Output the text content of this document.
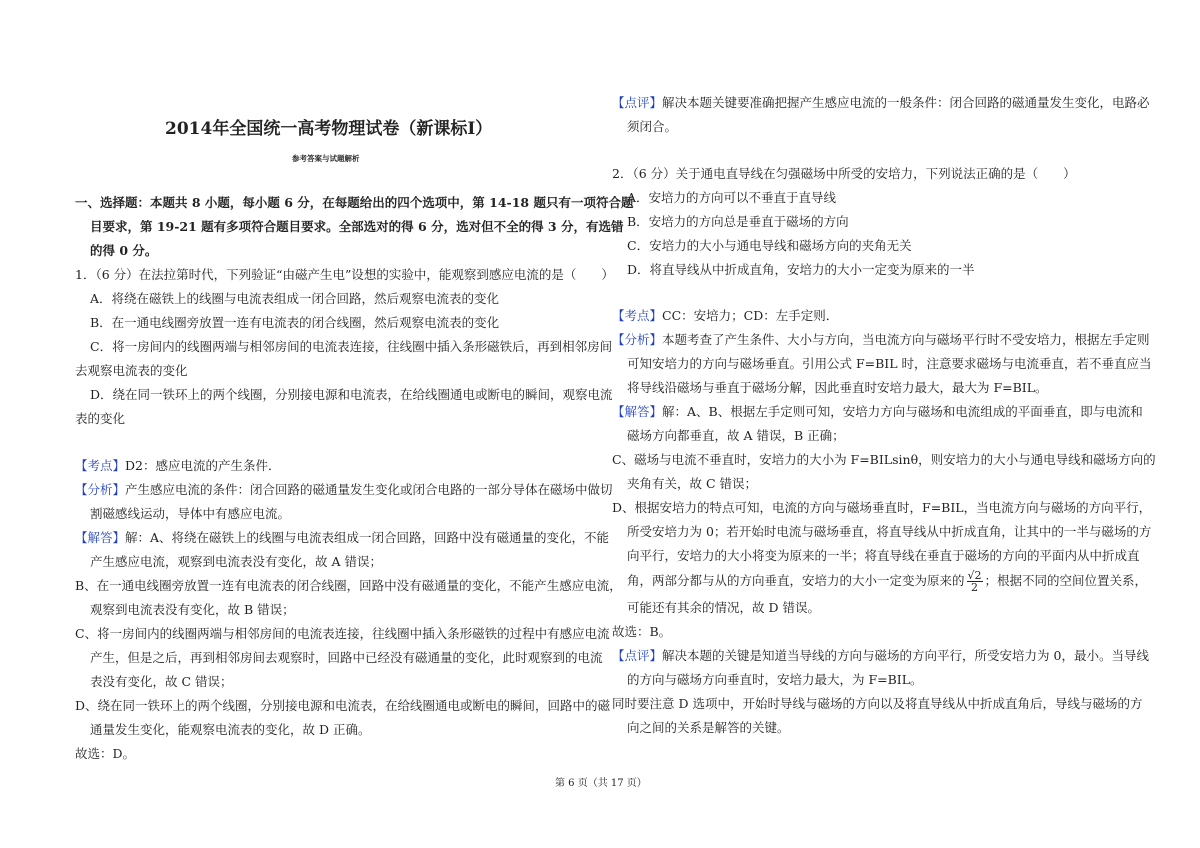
2014年全国统一高考物理试卷（新课标Ⅰ）
参考答案与试题解析
一、选择题：本题共 8 小题，每小题 6 分，在每题给出的四个选项中，第 14-18 题只有一项符合题
目要求，第 19-21 题有多项符合题目要求。全部选对的得 6 分，选对但不全的得 3 分，有选错
的得 0 分。
1．（6 分）在法拉第时代，下列验证“由磁产生电”设想的实验中，能观察到感应电流的是（　　）
A．将绕在磁铁上的线圈与电流表组成一闭合回路，然后观察电流表的变化
B．在一通电线圈旁放置一连有电流表的闭合线圈，然后观察电流表的变化
C．将一房间内的线圈两端与相邻房间的电流表连接，往线圈中插入条形磁铁后，再到相邻房间
去观察电流表的变化
D．绕在同一铁环上的两个线圈，分别接电源和电流表，在给线圈通电或断电的瞬间，观察电流
表的变化
【考点】D2：感应电流的产生条件．
【分析】产生感应电流的条件：闭合回路的磁通量发生变化或闭合电路的一部分导体在磁场中做切
割磁感线运动，导体中有感应电流。
【解答】解：A、将绕在磁铁上的线圈与电流表组成一闭合回路，回路中没有磁通量的变化，不能
产生感应电流，观察到电流表没有变化，故 A 错误；
B、在一通电线圈旁放置一连有电流表的闭合线圈，回路中没有磁通量的变化，不能产生感应电流，
观察到电流表没有变化，故 B 错误；
C、将一房间内的线圈两端与相邻房间的电流表连接，往线圈中插入条形磁铁的过程中有感应电流
产生，但是之后，再到相邻房间去观察时，回路中已经没有磁通量的变化，此时观察到的电流
表没有变化，故 C 错误；
D、绕在同一铁环上的两个线圈，分别接电源和电流表，在给线圈通电或断电的瞬间，回路中的磁
通量发生变化，能观察电流表的变化，故 D 正确。
故选：D。
【点评】解决本题关键要准确把握产生感应电流的一般条件：闭合回路的磁通量发生变化，电路必
须闭合。
2．（6 分）关于通电直导线在匀强磁场中所受的安培力，下列说法正确的是（　　）
A．安培力的方向可以不垂直于直导线
B．安培力的方向总是垂直于磁场的方向
C．安培力的大小与通电导线和磁场方向的夹角无关
D．将直导线从中折成直角，安培力的大小一定变为原来的一半
【考点】CC：安培力；CD：左手定则．
【分析】本题考查了产生条件、大小与方向，当电流方向与磁场平行时不受安培力，根据左手定则
可知安培力的方向与磁场垂直。引用公式 F=BIL 时，注意要求磁场与电流垂直，若不垂直应当
将导线沿磁场与垂直于磁场分解，因此垂直时安培力最大，最大为 F=BIL。
【解答】解：A、B、根据左手定则可知，安培力方向与磁场和电流组成的平面垂直，即与电流和
磁场方向都垂直，故 A 错误，B 正确；
C、磁场与电流不垂直时，安培力的大小为 F=BILsinθ，则安培力的大小与通电导线和磁场方向的
夹角有关，故 C 错误；
D、根据安培力的特点可知，电流的方向与磁场垂直时，F=BIL，当电流方向与磁场的方向平行，
所受安培力为 0；若开始时电流与磁场垂直，将直导线从中折成直角，让其中的一半与磁场的方
向平行，安培力的大小将变为原来的一半；将直导线在垂直于磁场的方向的平面内从中折成直
角，两部分都与从的方向垂直，安培力的大小一定变为原来的 $\frac{√2}{2}$ ；根据不同的空间位置关系，
可能还有其余的情况，故 D 错误。
故选：B。
【点评】解决本题的关键是知道当导线的方向与磁场的方向平行，所受安培力为 0，最小。当导线
的方向与磁场方向垂直时，安培力最大，为 F=BIL。
同时要注意 D 选项中，开始时导线与磁场的方向以及将直导线从中折成直角后，导线与磁场的方
向之间的关系是解答的关键。
第 6 页（共 17 页）
